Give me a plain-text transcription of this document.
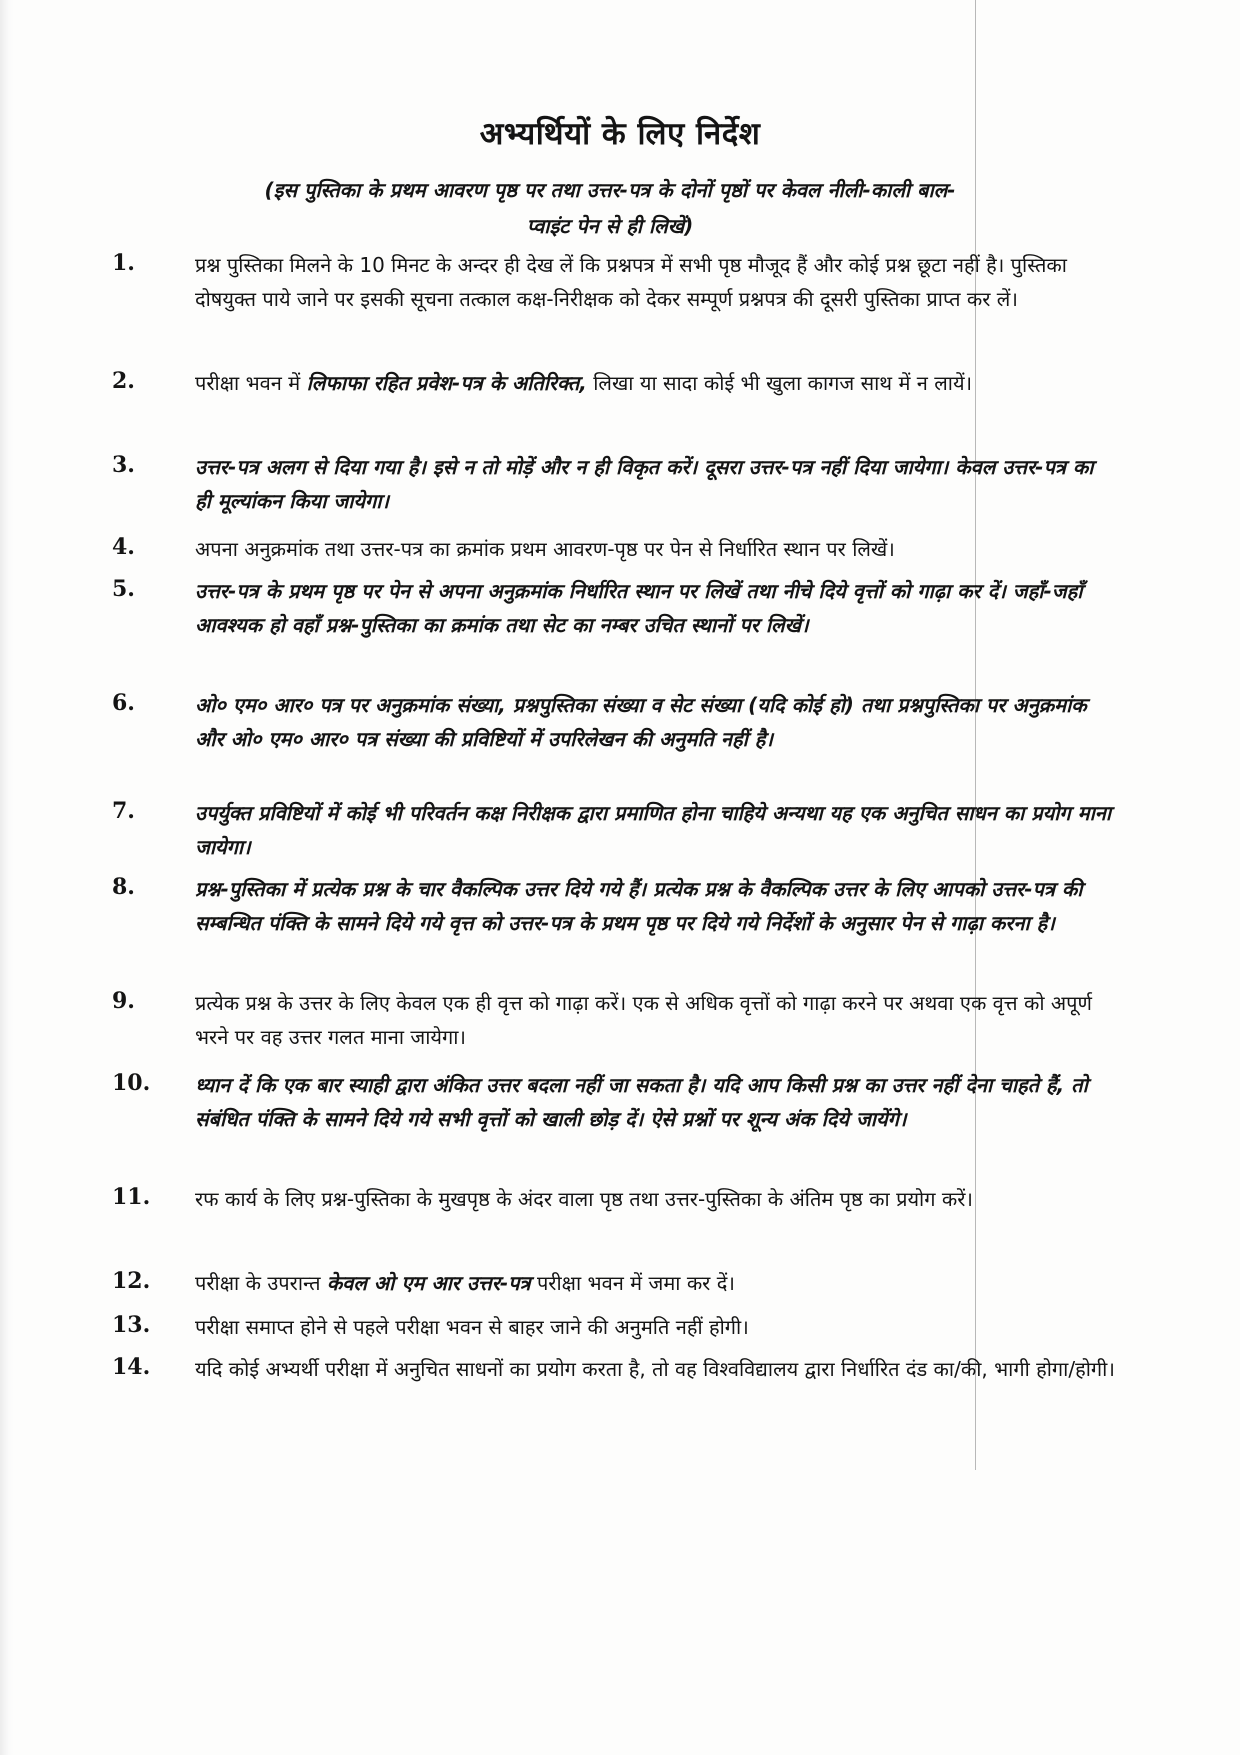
अभ्यर्थियों के लिए निर्देश
(इस पुस्तिका के प्रथम आवरण पृष्ठ पर तथा उत्तर-पत्र के दोनों पृष्ठों पर केवल नीली-काली बाल-प्वाइंट पेन से ही लिखें)
1.	प्रश्न पुस्तिका मिलने के 10 मिनट के अन्दर ही देख लें कि प्रश्नपत्र में सभी पृष्ठ मौजूद हैं और कोई प्रश्न छूटा नहीं है। पुस्तिका दोषयुक्त पाये जाने पर इसकी सूचना तत्काल कक्ष-निरीक्षक को देकर सम्पूर्ण प्रश्नपत्र की दूसरी पुस्तिका प्राप्त कर लें।
2.	परीक्षा भवन में लिफाफा रहित प्रवेश-पत्र के अतिरिक्त, लिखा या सादा कोई भी खुला कागज साथ में न लायें।
3.	उत्तर-पत्र अलग से दिया गया है। इसे न तो मोड़ें और न ही विकृत करें। दूसरा उत्तर-पत्र नहीं दिया जायेगा। केवल उत्तर-पत्र का ही मूल्यांकन किया जायेगा।
4.	अपना अनुक्रमांक तथा उत्तर-पत्र का क्रमांक प्रथम आवरण-पृष्ठ पर पेन से निर्धारित स्थान पर लिखें।
5.	उत्तर-पत्र के प्रथम पृष्ठ पर पेन से अपना अनुक्रमांक निर्धारित स्थान पर लिखें तथा नीचे दिये वृत्तों को गाढ़ा कर दें। जहाँ-जहाँ आवश्यक हो वहाँ प्रश्न-पुस्तिका का क्रमांक तथा सेट का नम्बर उचित स्थानों पर लिखें।
6.	ओ० एम० आर० पत्र पर अनुक्रमांक संख्या, प्रश्नपुस्तिका संख्या व सेट संख्या (यदि कोई हो) तथा प्रश्नपुस्तिका पर अनुक्रमांक और ओ० एम० आर० पत्र संख्या की प्रविष्टियों में उपरिलेखन की अनुमति नहीं है।
7.	उपर्युक्त प्रविष्टियों में कोई भी परिवर्तन कक्ष निरीक्षक द्वारा प्रमाणित होना चाहिये अन्यथा यह एक अनुचित साधन का प्रयोग माना जायेगा।
8.	प्रश्न-पुस्तिका में प्रत्येक प्रश्न के चार वैकल्पिक उत्तर दिये गये हैं। प्रत्येक प्रश्न के वैकल्पिक उत्तर के लिए आपको उत्तर-पत्र की सम्बन्धित पंक्ति के सामने दिये गये वृत्त को उत्तर-पत्र के प्रथम पृष्ठ पर दिये गये निर्देशों के अनुसार पेन से गाढ़ा करना है।
9.	प्रत्येक प्रश्न के उत्तर के लिए केवल एक ही वृत्त को गाढ़ा करें। एक से अधिक वृत्तों को गाढ़ा करने पर अथवा एक वृत्त को अपूर्ण भरने पर वह उत्तर गलत माना जायेगा।
10.	ध्यान दें कि एक बार स्याही द्वारा अंकित उत्तर बदला नहीं जा सकता है। यदि आप किसी प्रश्न का उत्तर नहीं देना चाहते हैं, तो संबंधित पंक्ति के सामने दिये गये सभी वृत्तों को खाली छोड़ दें। ऐसे प्रश्नों पर शून्य अंक दिये जायेंगे।
11.	रफ कार्य के लिए प्रश्न-पुस्तिका के मुखपृष्ठ के अंदर वाला पृष्ठ तथा उत्तर-पुस्तिका के अंतिम पृष्ठ का प्रयोग करें।
12.	परीक्षा के उपरान्त केवल ओ एम आर उत्तर-पत्र परीक्षा भवन में जमा कर दें।
13.	परीक्षा समाप्त होने से पहले परीक्षा भवन से बाहर जाने की अनुमति नहीं होगी।
14.	यदि कोई अभ्यर्थी परीक्षा में अनुचित साधनों का प्रयोग करता है, तो वह विश्वविद्यालय द्वारा निर्धारित दंड का/की, भागी होगा/होगी।
